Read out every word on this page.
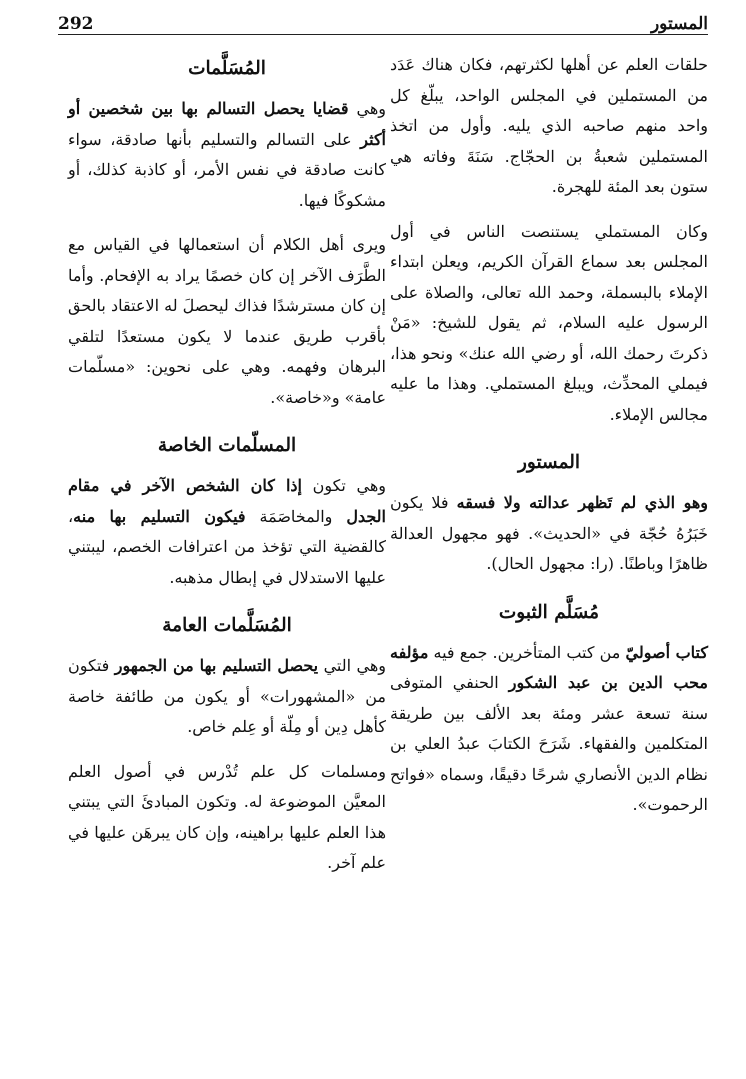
292	المستور

حلقات العلم عن أهلها لكثرتهم، فكان هناك عَدَد من المستملين في المجلس الواحد، يبلّغ كل واحد منهم صاحبه الذي يليه. وأول من اتخذ المستملين شعبةُ بن الحجّاج. سَنَةَ وفاته هي ستون بعد المئة للهجرة.

وكان المستملي يستنصت الناس في أول المجلس بعد سماع القرآن الكريم، ويعلن ابتداء الإملاء بالبسملة، وحمد الله تعالى، والصلاة على الرسول عليه السلام، ثم يقول للشيخ: «مَنْ ذكرتَ رحمك الله، أو رضي الله عنك» ونحو هذا، فيملي المحدِّث، ويبلغ المستملي. وهذا ما عليه مجالس الإملاء.

المستور

وهو الذي لم تَظهر عدالته ولا فسقه فلا يكون خَبَرُهُ حُجّة في «الحديث». فهو مجهول العدالة ظاهرًا وباطنًا. (را: مجهول الحال).

مُسَلَّم الثبوت

كتاب أصوليّ من كتب المتأخرين. جمع فيه مؤلفه محب الدين بن عبد الشكور الحنفي المتوفى سنة تسعة عشر ومئة بعد الألف بين طريقة المتكلمين والفقهاء. شَرَحَ الكتابَ عبدُ العلي بن نظام الدين الأنصاري شرحًا دقيقًا، وسماه «فواتح الرحموت».

المُسَلَّمات

وهي قضايا يحصل التسالم بها بين شخصين أو أكثر على التسالم والتسليم بأنها صادقة، سواء كانت صادقة في نفس الأمر، أو كاذبة كذلك، أو مشكوكًا فيها.

ويرى أهل الكلام أن استعمالها في القياس مع الطَّرَف الآخر إن كان خصمًا يراد به الإفحام. وأما إن كان مسترشدًا فذاك ليحصلَ له الاعتقاد بالحق بأقرب طريق عندما لا يكون مستعدًا لتلقي البرهان وفهمه. وهي على نحوين: «مسلّمات عامة» و«خاصة».

المسلّمات الخاصة

وهي تكون إذا كان الشخص الآخر في مقام الجدل والمخاصَمَة فيكون التسليم بها منه، كالقضية التي تؤخذ من اعترافات الخصم، ليبتني عليها الاستدلال في إبطال مذهبه.

المُسَلَّمات العامة

وهي التي يحصل التسليم بها من الجمهور فتكون من «المشهورات» أو يكون من طائفة خاصة كأهل دِين أو مِلّة أو عِلم خاص.

ومسلمات كل علم تُدْرس في أصول العلم المعيَّن الموضوعة له. وتكون المبادئَ التي يبتني هذا العلم عليها براهينه، وإن كان يبرهَن عليها في علم آخر.
